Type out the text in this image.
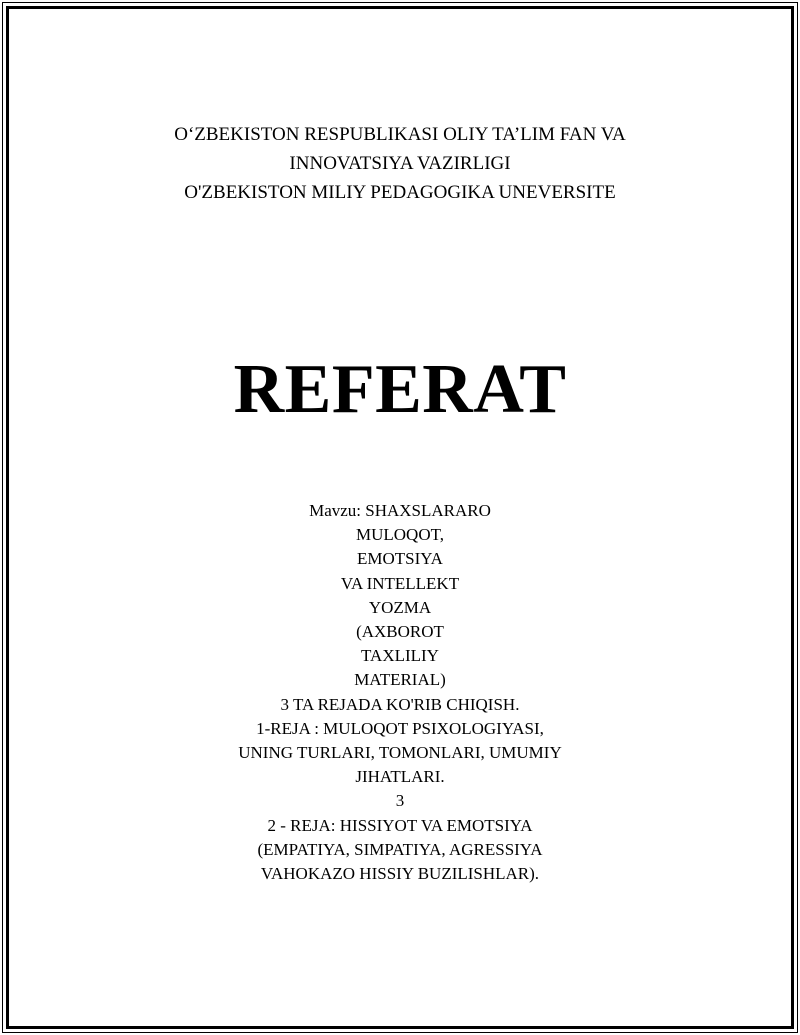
O‘ZBEKISTON RESPUBLIKASI OLIY TA’LIM FAN VA
INNOVATSIYA VAZIRLIGI
O'ZBEKISTON MILIY PEDAGOGIKA UNEVERSITE
REFERAT
Mavzu: SHAXSLARARO
MULOQOT,
EMOTSIYA
VA INTELLEKT
YOZMA
(AXBOROT
TAXLILIY
MATERIAL)
3 TA REJADA KO'RIB CHIQISH.
1-REJA : MULOQOT PSIXOLOGIYASI,
UNING TURLARI, TOMONLARI, UMUMIY
JIHATLARI.
3
2 - REJA: HISSIYOT VA EMOTSIYA
(EMPATIYA, SIMPATIYA, AGRESSIYA
VAHOKAZO HISSIY BUZILISHLAR).
